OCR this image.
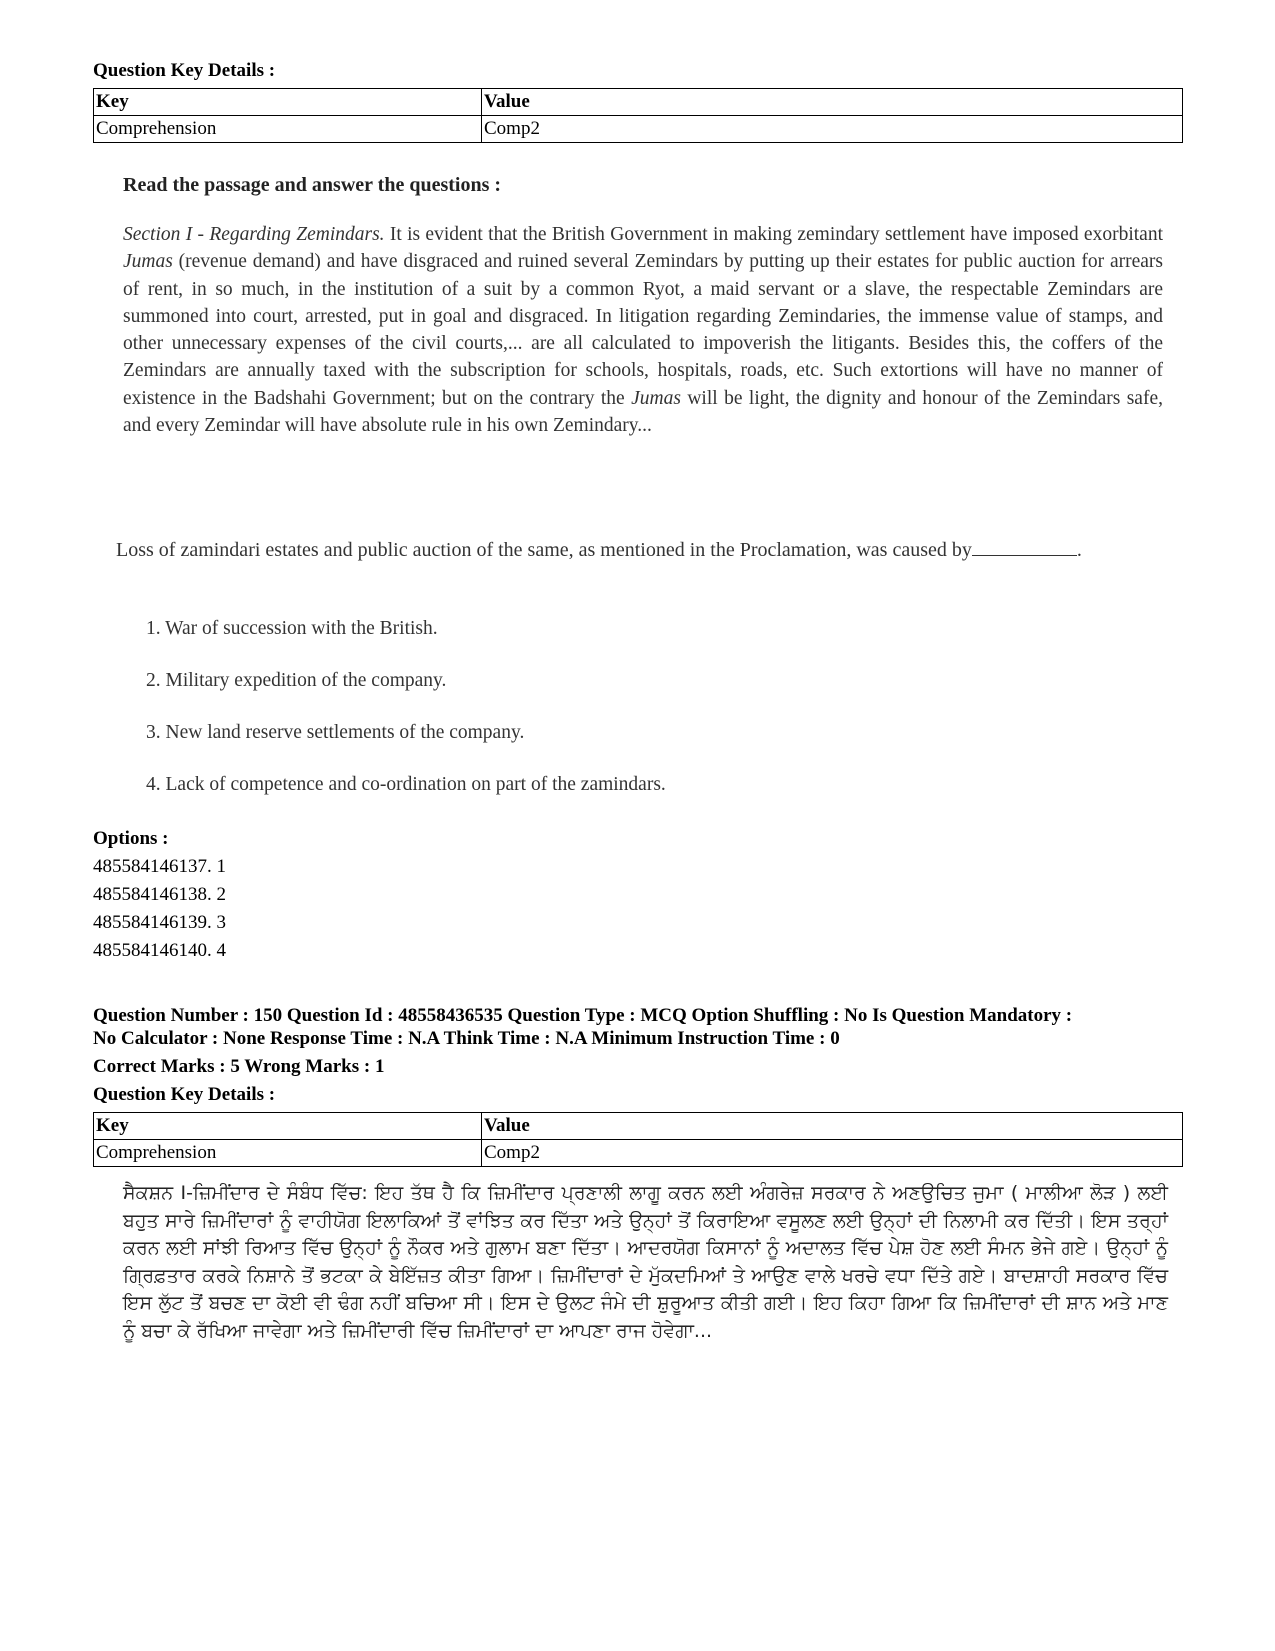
Question Key Details :
Key	Value
Comprehension	Comp2
Read the passage and answer the questions :
Section I - Regarding Zemindars. It is evident that the British Government in making zemindary settlement have imposed exorbitant Jumas (revenue demand) and have disgraced and ruined several Zemindars by putting up their estates for public auction for arrears of rent, in so much, in the institution of a suit by a common Ryot, a maid servant or a slave, the respectable Zemindars are summoned into court, arrested, put in goal and disgraced. In litigation regarding Zemindaries, the immense value of stamps, and other unnecessary expenses of the civil courts,... are all calculated to impoverish the litigants. Besides this, the coffers of the Zemindars are annually taxed with the subscription for schools, hospitals, roads, etc. Such extortions will have no manner of existence in the Badshahi Government; but on the contrary the Jumas will be light, the dignity and honour of the Zemindars safe, and every Zemindar will have absolute rule in his own Zemindary...
Loss of zamindari estates and public auction of the same, as mentioned in the Proclamation, was caused by	.
1. War of succession with the British.
2. Military expedition of the company.
3. New land reserve settlements of the company.
4. Lack of competence and co-ordination on part of the zamindars.
Options :
485584146137. 1
485584146138. 2
485584146139. 3
485584146140. 4
Question Number : 150 Question Id : 48558436535 Question Type : MCQ Option Shuffling : No Is Question Mandatory :
No Calculator : None Response Time : N.A Think Time : N.A Minimum Instruction Time : 0
Correct Marks : 5 Wrong Marks : 1
Question Key Details :
Key	Value
Comprehension	Comp2
ਸੈਕਸ਼ਨ I-ਜ਼ਿਮੀਂਦਾਰ ਦੇ ਸੰਬੰਧ ਵਿੱਚ: ਇਹ ਤੱਥ ਹੈ ਕਿ ਜ਼ਿਮੀਂਦਾਰ ਪ੍ਰਣਾਲੀ ਲਾਗੂ ਕਰਨ ਲਈ ਅੰਗਰੇਜ਼ ਸਰਕਾਰ ਨੇ ਅਣਉਚਿਤ ਜੁਮਾ ( ਮਾਲੀਆ ਲੋੜ ) ਲਈ ਬਹੁਤ ਸਾਰੇ ਜ਼ਿਮੀਂਦਾਰਾਂ ਨੂੰ ਵਾਹੀਯੋਗ ਇਲਾਕਿਆਂ ਤੋਂ ਵਾਂਝਿਤ ਕਰ ਦਿੱਤਾ ਅਤੇ ਉਨ੍ਹਾਂ ਤੋਂ ਕਿਰਾਇਆ ਵਸੂਲਣ ਲਈ ਉਨ੍ਹਾਂ ਦੀ ਨਿਲਾਮੀ ਕਰ ਦਿੱਤੀ। ਇਸ ਤਰ੍ਹਾਂ ਕਰਨ ਲਈ ਸਾਂਝੀ ਰਿਆਤ ਵਿੱਚ ਉਨ੍ਹਾਂ ਨੂੰ ਨੌਕਰ ਅਤੇ ਗੁਲਾਮ ਬਣਾ ਦਿੱਤਾ। ਆਦਰਯੋਗ ਕਿਸਾਨਾਂ ਨੂੰ ਅਦਾਲਤ ਵਿੱਚ ਪੇਸ਼ ਹੋਣ ਲਈ ਸੰਮਨ ਭੇਜੇ ਗਏ। ਉਨ੍ਹਾਂ ਨੂੰ ਗ੍ਰਿਫ਼ਤਾਰ ਕਰਕੇ ਨਿਸ਼ਾਨੇ ਤੋਂ ਭਟਕਾ ਕੇ ਬੇਇੱਜ਼ਤ ਕੀਤਾ ਗਿਆ। ਜ਼ਿਮੀਂਦਾਰਾਂ ਦੇ ਮੁੱਕਦਮਿਆਂ ਤੇ ਆਉਣ ਵਾਲੇ ਖਰਚੇ ਵਧਾ ਦਿੱਤੇ ਗਏ। ਬਾਦਸ਼ਾਹੀ ਸਰਕਾਰ ਵਿੱਚ ਇਸ ਲੁੱਟ ਤੋਂ ਬਚਣ ਦਾ ਕੋਈ ਵੀ ਢੰਗ ਨਹੀਂ ਬਚਿਆ ਸੀ। ਇਸ ਦੇ ਉਲਟ ਜੰਮੇ ਦੀ ਸ਼ੁਰੂਆਤ ਕੀਤੀ ਗਈ। ਇਹ ਕਿਹਾ ਗਿਆ ਕਿ ਜ਼ਿਮੀਂਦਾਰਾਂ ਦੀ ਸ਼ਾਨ ਅਤੇ ਮਾਣ ਨੂੰ ਬਚਾ ਕੇ ਰੱਖਿਆ ਜਾਵੇਗਾ ਅਤੇ ਜ਼ਿਮੀਂਦਾਰੀ ਵਿੱਚ ਜ਼ਿਮੀਂਦਾਰਾਂ ਦਾ ਆਪਣਾ ਰਾਜ ਹੋਵੇਗਾ...
